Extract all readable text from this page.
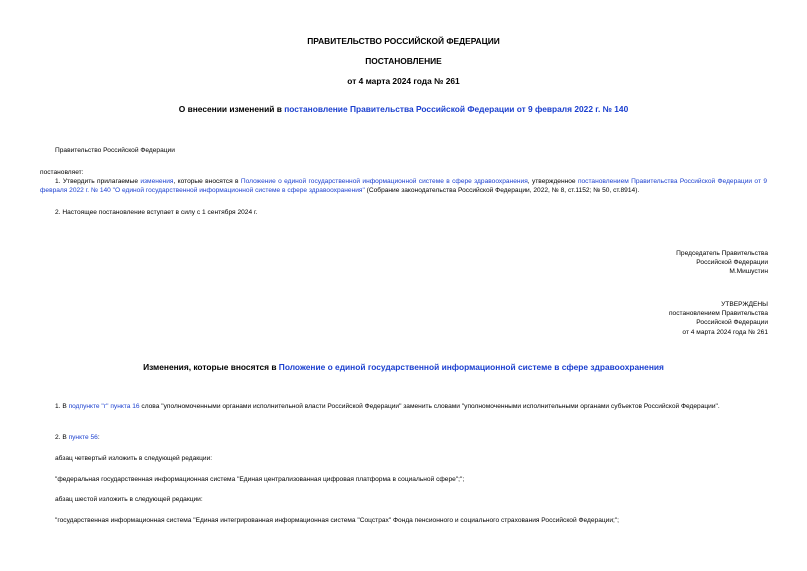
ПРАВИТЕЛЬСТВО РОССИЙСКОЙ ФЕДЕРАЦИИ
ПОСТАНОВЛЕНИЕ
от 4 марта 2024 года № 261
О внесении изменений в постановление Правительства Российской Федерации от 9 февраля 2022 г. № 140
Правительство Российской Федерации
постановляет:
1. Утвердить прилагаемые изменения, которые вносятся в Положение о единой государственной информационной системе в сфере здравоохранения, утвержденное постановлением Правительства Российской Федерации от 9 февраля 2022 г. № 140 "О единой государственной информационной системе в сфере здравоохранения" (Собрание законодательства Российской Федерации, 2022, № 8, ст.1152; № 50, ст.8914).
2. Настоящее постановление вступает в силу с 1 сентября 2024 г.
Председатель Правительства
Российской Федерации
М.Мишустин
УТВЕРЖДЕНЫ
постановлением Правительства
Российской Федерации
от 4 марта 2024 года № 261
Изменения, которые вносятся в Положение о единой государственной информационной системе в сфере здравоохранения
1. В подпункте "г" пункта 16 слова "уполномоченными органами исполнительной власти Российской Федерации" заменить словами "уполномоченными исполнительными органами субъектов Российской Федерации".
2. В пункте 56:
абзац четвертый изложить в следующей редакции:
"федеральная государственная информационная система "Единая централизованная цифровая платформа в социальной сфере";";
абзац шестой изложить в следующей редакции:
"государственная информационная система "Единая интегрированная информационная система "Соцстрах" Фонда пенсионного и социального страхования Российской Федерации;";
